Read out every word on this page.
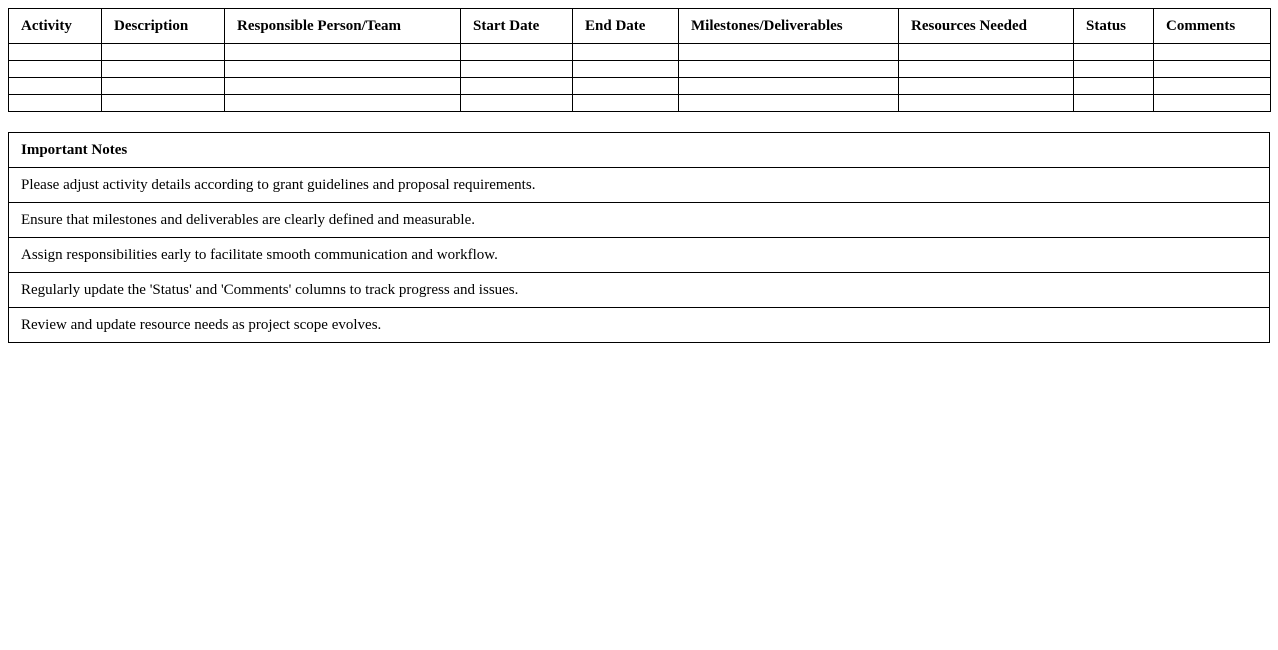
Activity	Description	Responsible Person/Team	Start Date	End Date	Milestones/Deliverables	Resources Needed	Status	Comments

Important Notes
Please adjust activity details according to grant guidelines and proposal requirements.
Ensure that milestones and deliverables are clearly defined and measurable.
Assign responsibilities early to facilitate smooth communication and workflow.
Regularly update the 'Status' and 'Comments' columns to track progress and issues.
Review and update resource needs as project scope evolves.
